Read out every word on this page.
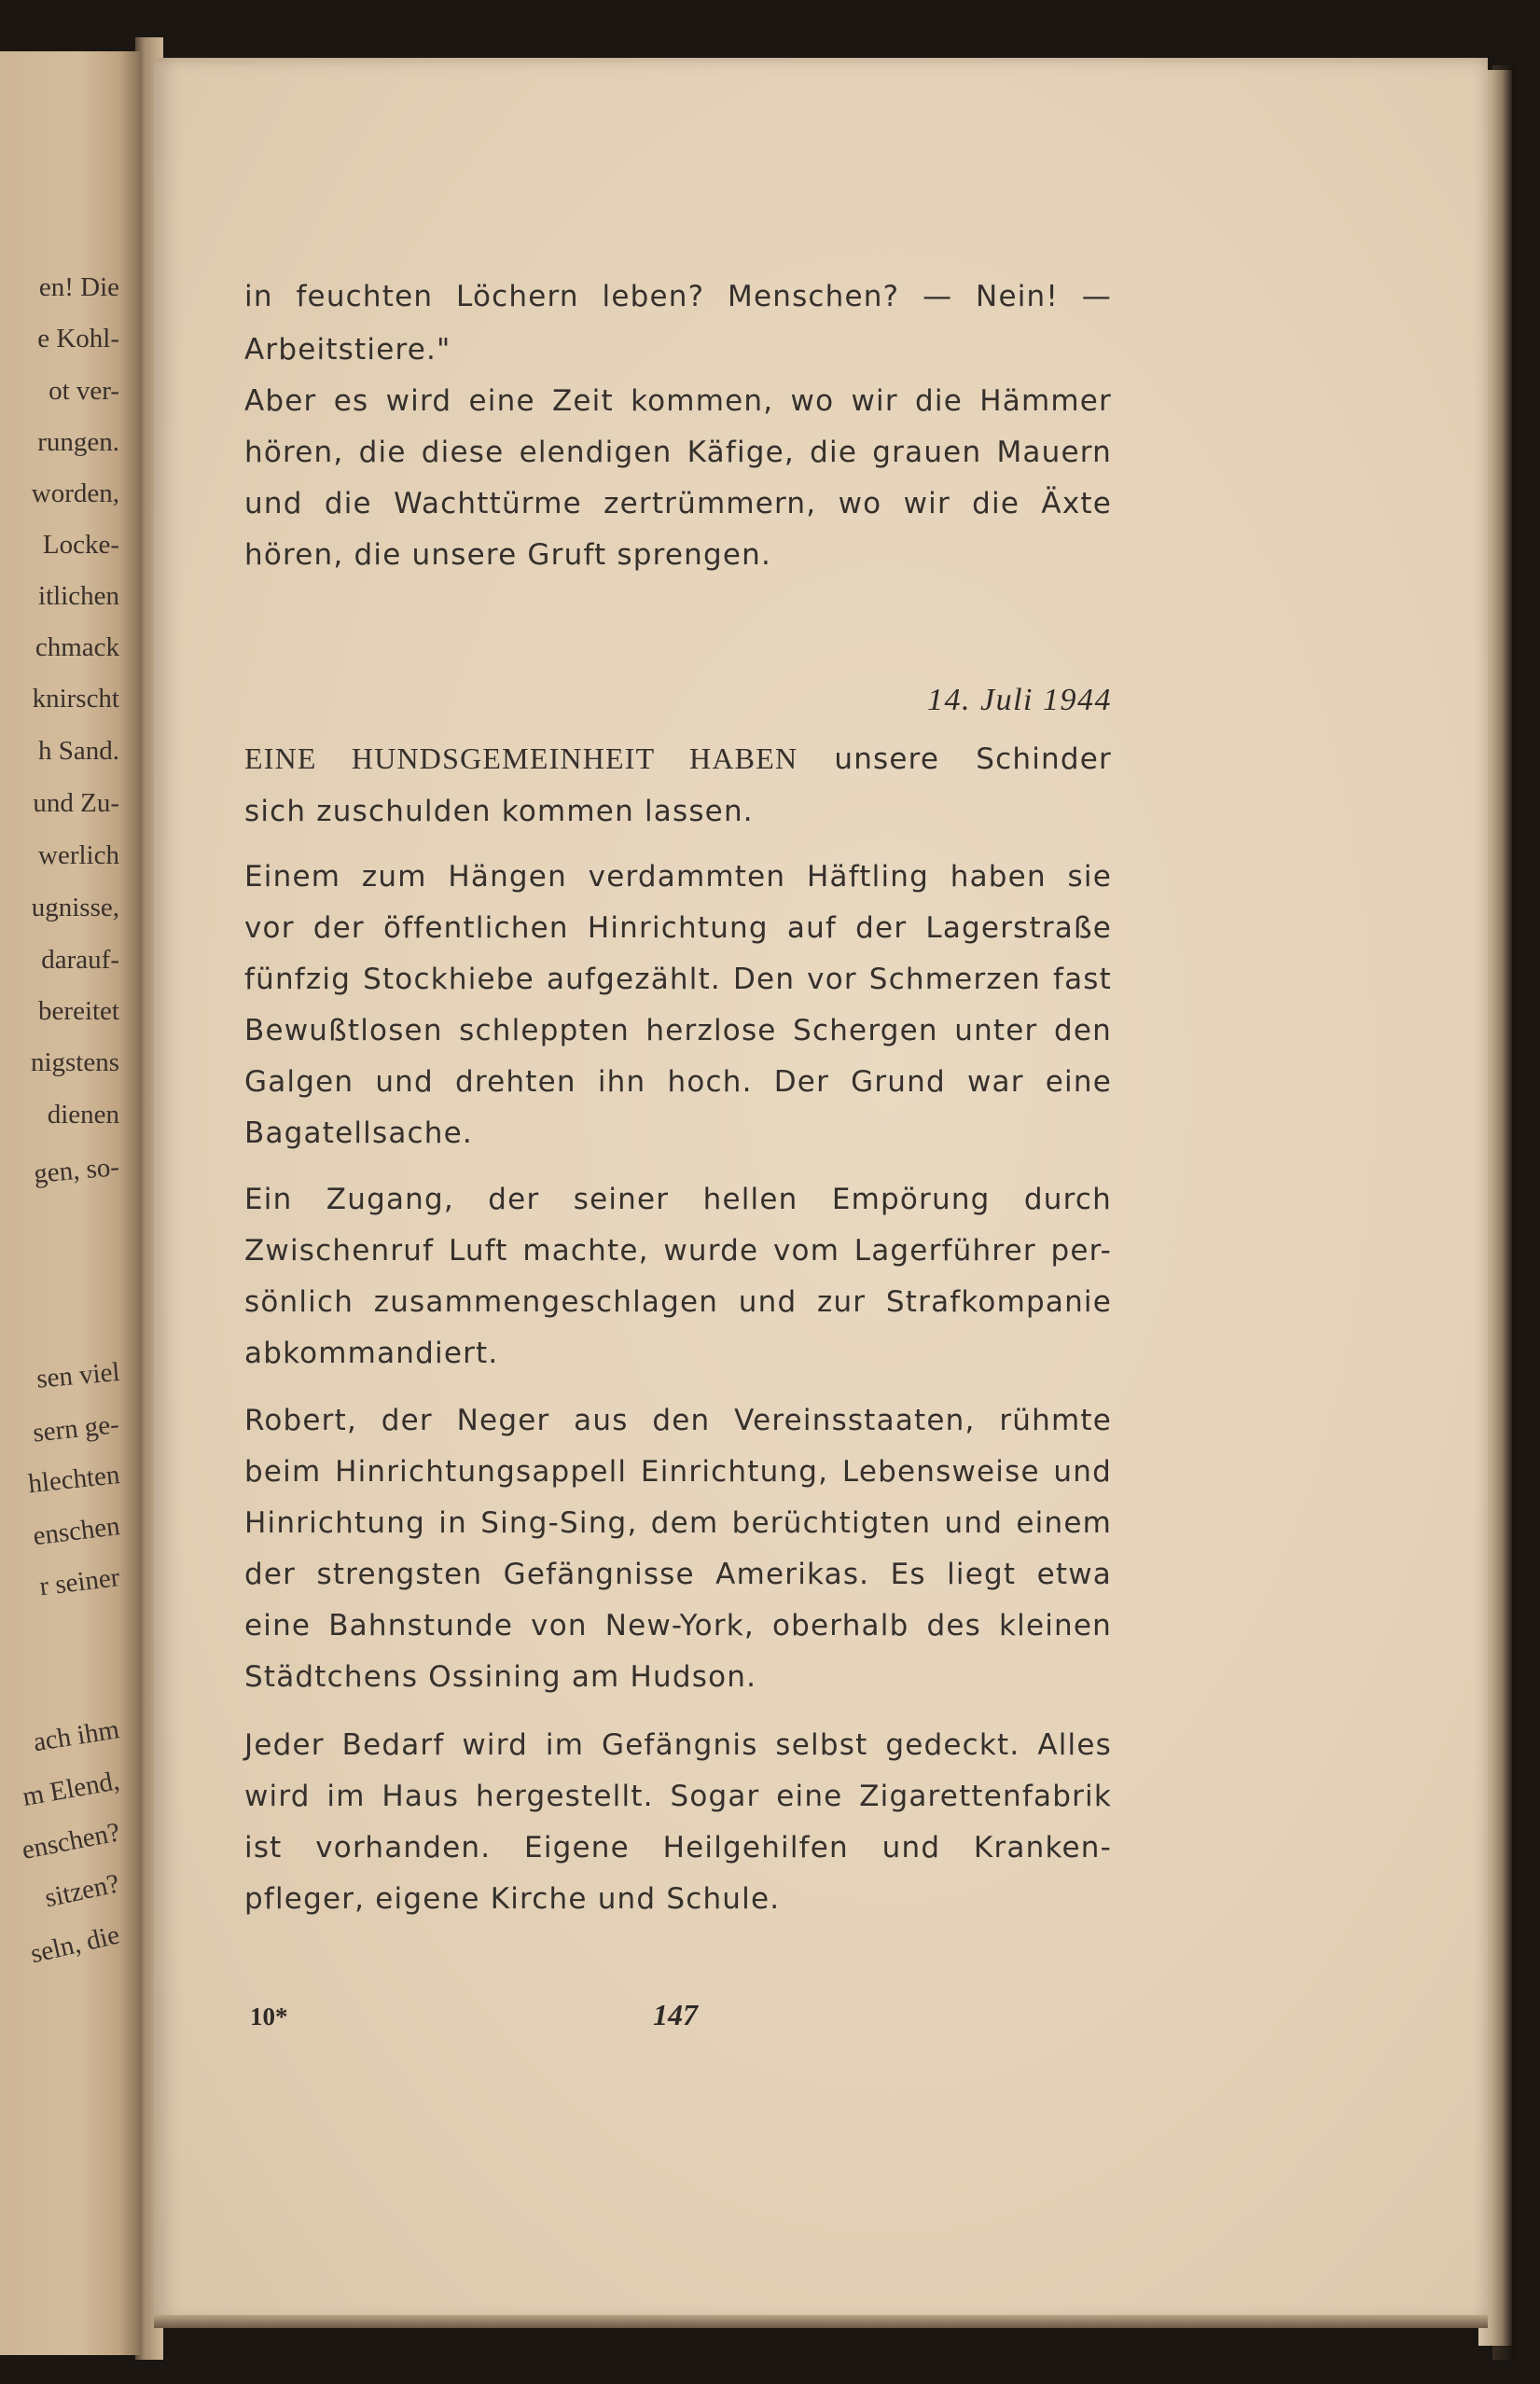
en! Die

e Kohl-

ot ver-

rungen.

worden,

Locke-

itlichen

chmack

knirscht

h Sand.

und Zu-

werlich

ugnisse,

darauf-

bereitet

nigstens

dienen

gen, so-

sen viel

sern ge-

hlechten

enschen

r seiner

ach ihm

m Elend,

enschen?

sitzen?

seln, die

in feuchten Löchern leben? Menschen? — Nein! —

Arbeitstiere."

Aber es wird eine Zeit kommen, wo wir die Hämmer

hören, die diese elendigen Käfige, die grauen Mauern

und die Wachttürme zertrümmern, wo wir die Äxte

hören, die unsere Gruft sprengen.

14. Juli 1944

EINE HUNDSGEMEINHEIT HABEN unsere Schinder

sich zuschulden kommen lassen.

Einem zum Hängen verdammten Häftling haben sie

vor der öffentlichen Hinrichtung auf der Lagerstraße

fünfzig Stockhiebe aufgezählt. Den vor Schmerzen fast

Bewußtlosen schleppten herzlose Schergen unter den

Galgen und drehten ihn hoch. Der Grund war eine

Bagatellsache.

Ein Zugang, der seiner hellen Empörung durch

Zwischenruf Luft machte, wurde vom Lagerführer per-

sönlich zusammengeschlagen und zur Strafkompanie

abkommandiert.

Robert, der Neger aus den Vereinsstaaten, rühmte

beim Hinrichtungsappell Einrichtung, Lebensweise und

Hinrichtung in Sing-Sing, dem berüchtigten und einem

der strengsten Gefängnisse Amerikas. Es liegt etwa

eine Bahnstunde von New-York, oberhalb des kleinen

Städtchens Ossining am Hudson.

Jeder Bedarf wird im Gefängnis selbst gedeckt. Alles

wird im Haus hergestellt. Sogar eine Zigarettenfabrik

ist vorhanden. Eigene Heilgehilfen und Kranken-

pfleger, eigene Kirche und Schule.

10*	147
